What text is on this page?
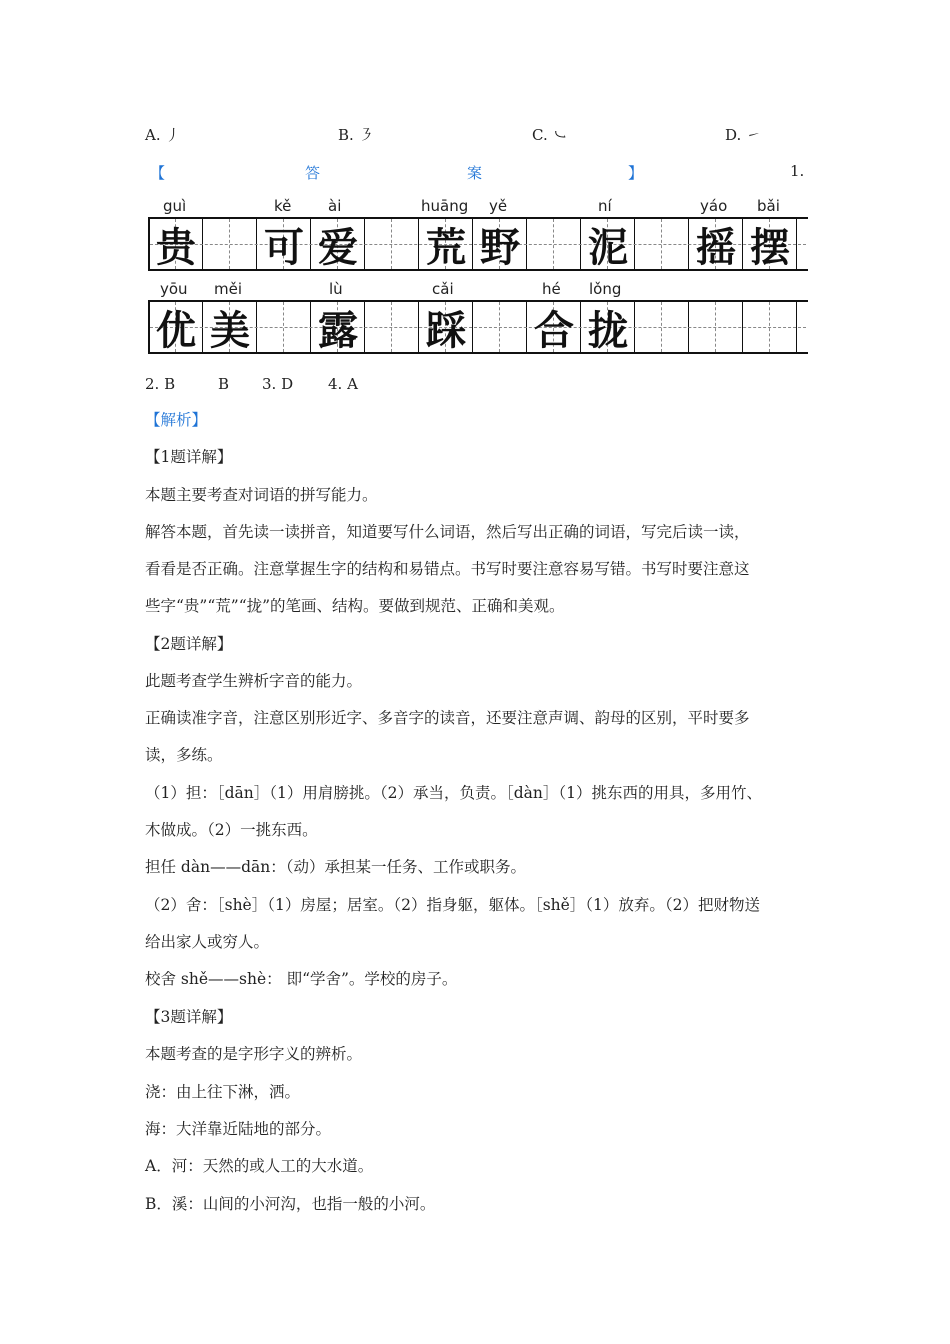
A. 丿	B. ㇋	C. ㇃	D. ㇀
【	答	案	】	1.
guì	kě ài	huāng yě	ní	yáo bǎi
贵 可 爱 荒 野 泥 摇 摆
yōu měi	lù	cǎi	hé lǒng
优 美 露 踩 合 拢
2. B	B 3. D 4. A
【解析】
【1题详解】
本题主要考查对词语的拼写能力。
解答本题，首先读一读拼音，知道要写什么词语，然后写出正确的词语，写完后读一读，
看看是否正确。注意掌握生字的结构和易错点。书写时要注意容易写错。书写时要注意这
些字“贵”“荒”“拢”的笔画、结构。要做到规范、正确和美观。
【2题详解】
此题考查学生辨析字音的能力。
正确读准字音，注意区别形近字、多音字的读音，还要注意声调、韵母的区别，平时要多
读，多练。
（1）担：［dān］（1）用肩膀挑。（2）承当，负责。［dàn］（1）挑东西的用具，多用竹、
木做成。（2）一挑东西。
担任 dàn——dān：（动）承担某一任务、工作或职务。
（2）舍：［shè］（1）房屋；居室。（2）指身躯，躯体。［shě］（1）放弃。（2）把财物送
给出家人或穷人。
校舍 shě——shè： 即“学舍”。学校的房子。
【3题详解】
本题考查的是字形字义的辨析。
浇：由上往下淋，洒。
海：大洋靠近陆地的部分。
A．河：天然的或人工的大水道。
B．溪：山间的小河沟，也指一般的小河。
